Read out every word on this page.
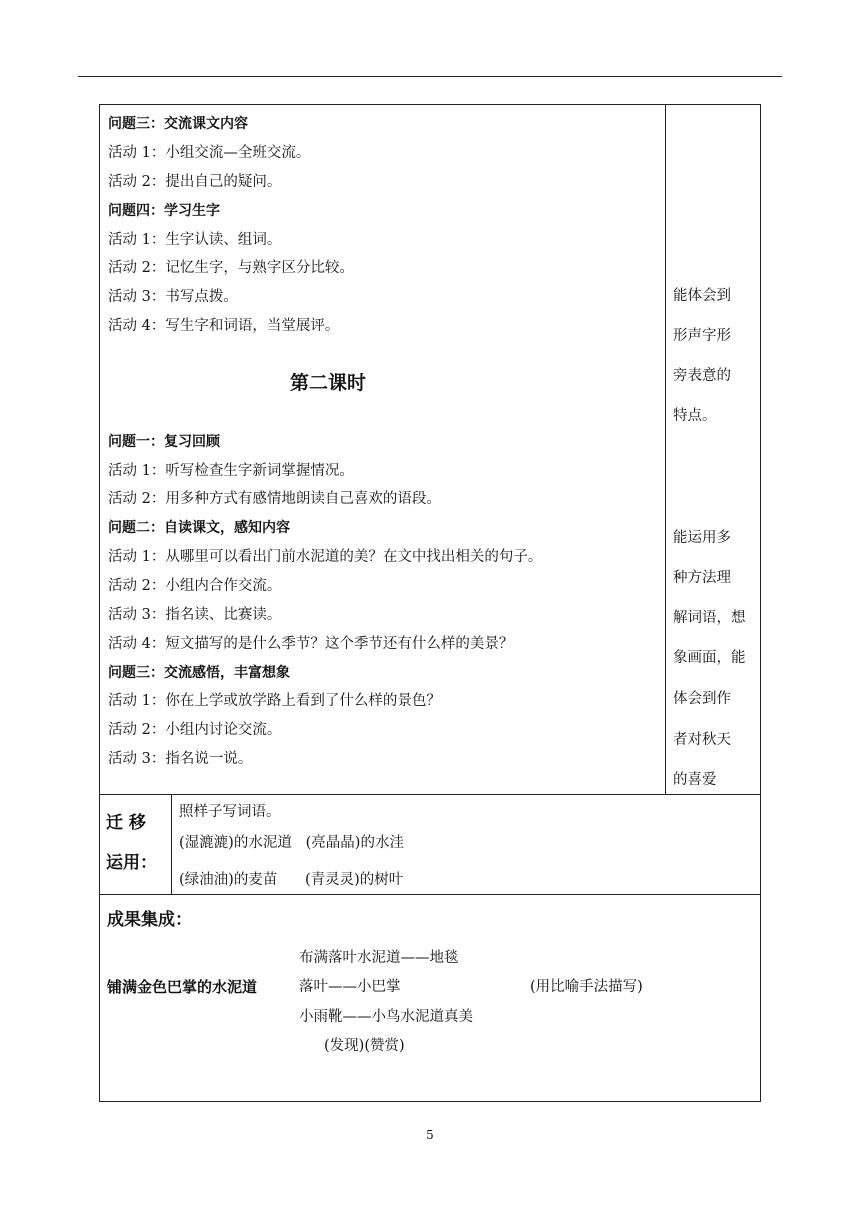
问题三：交流课文内容
活动 1：小组交流—全班交流。
活动 2：提出自己的疑问。
问题四：学习生字
活动 1：生字认读、组词。
活动 2：记忆生字，与熟字区分比较。
活动 3：书写点拨。
活动 4：写生字和词语，当堂展评。
第二课时
问题一：复习回顾
活动 1：听写检查生字新词掌握情况。
活动 2：用多种方式有感情地朗读自己喜欢的语段。
问题二：自读课文，感知内容
活动 1：从哪里可以看出门前水泥道的美？在文中找出相关的句子。
活动 2：小组内合作交流。
活动 3：指名读、比赛读。
活动 4：短文描写的是什么季节？这个季节还有什么样的美景？
问题三：交流感悟，丰富想象
活动 1：你在上学或放学路上看到了什么样的景色？
活动 2：小组内讨论交流。
活动 3：指名说一说。
能体会到
形声字形
旁表意的
特点。
能运用多
种方法理
解词语，想
象画面，能
体会到作
者对秋天
的喜爱
迁 移
运用：
照样子写词语。
(湿漉漉)的水泥道   (亮晶晶)的水洼
(绿油油)的麦苗      (青灵灵)的树叶
成果集成：
布满落叶水泥道——地毯
铺满金色巴掌的水泥道	落叶——小巴掌	(用比喻手法描写)
小雨靴——小鸟水泥道真美
(发现)(赞赏)
5
